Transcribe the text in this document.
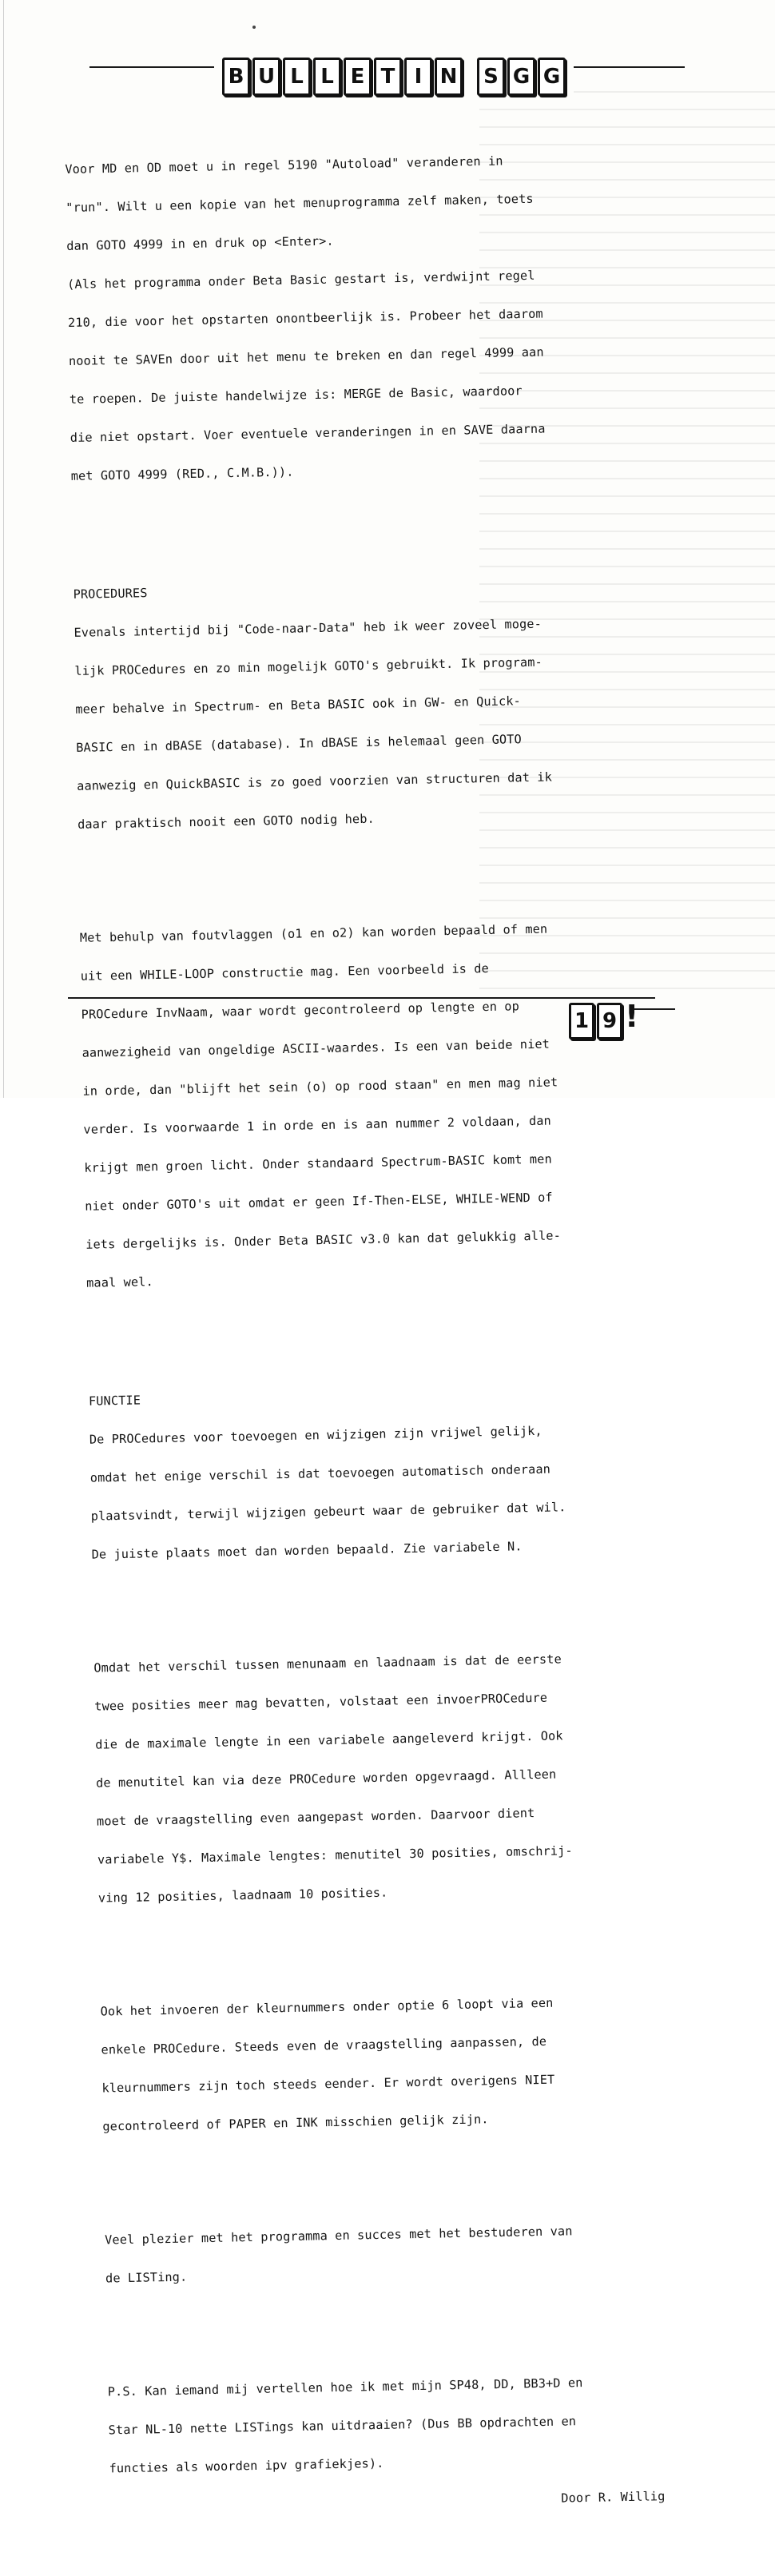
B U L L E T I N	S G G

Voor MD en OD moet u in regel 5190 "Autoload" veranderen in

"run". Wilt u een kopie van het menuprogramma zelf maken, toets

dan GOTO 4999 in en druk op <Enter>.

(Als het programma onder Beta Basic gestart is, verdwijnt regel

210, die voor het opstarten onontbeerlijk is. Probeer het daarom

nooit te SAVEn door uit het menu te breken en dan regel 4999 aan

te roepen. De juiste handelwijze is: MERGE de Basic, waardoor

die niet opstart. Voer eventuele veranderingen in en SAVE daarna

met GOTO 4999 (RED., C.M.B.)).

PROCEDURES

Evenals intertijd bij "Code-naar-Data" heb ik weer zoveel moge-

lijk PROCedures en zo min mogelijk GOTO's gebruikt. Ik program-

meer behalve in Spectrum- en Beta BASIC ook in GW- en Quick-

BASIC en in dBASE (database). In dBASE is helemaal geen GOTO

aanwezig en QuickBASIC is zo goed voorzien van structuren dat ik

daar praktisch nooit een GOTO nodig heb.

Met behulp van foutvlaggen (o1 en o2) kan worden bepaald of men

uit een WHILE-LOOP constructie mag. Een voorbeeld is de

PROCedure InvNaam, waar wordt gecontroleerd op lengte en op

aanwezigheid van ongeldige ASCII-waardes. Is een van beide niet

in orde, dan "blijft het sein (o) op rood staan" en men mag niet

verder. Is voorwaarde 1 in orde en is aan nummer 2 voldaan, dan

krijgt men groen licht. Onder standaard Spectrum-BASIC komt men

niet onder GOTO's uit omdat er geen If-Then-ELSE, WHILE-WEND of

iets dergelijks is. Onder Beta BASIC v3.0 kan dat gelukkig alle-

maal wel.

FUNCTIE

De PROCedures voor toevoegen en wijzigen zijn vrijwel gelijk,

omdat het enige verschil is dat toevoegen automatisch onderaan

plaatsvindt, terwijl wijzigen gebeurt waar de gebruiker dat wil.

De juiste plaats moet dan worden bepaald. Zie variabele N.

Omdat het verschil tussen menunaam en laadnaam is dat de eerste

twee posities meer mag bevatten, volstaat een invoerPROCedure

die de maximale lengte in een variabele aangeleverd krijgt. Ook

de menutitel kan via deze PROCedure worden opgevraagd. Allleen

moet de vraagstelling even aangepast worden. Daarvoor dient

variabele Y$. Maximale lengtes: menutitel 30 posities, omschrij-

ving 12 posities, laadnaam 10 posities.

Ook het invoeren der kleurnummers onder optie 6 loopt via een

enkele PROCedure. Steeds even de vraagstelling aanpassen, de

kleurnummers zijn toch steeds eender. Er wordt overigens NIET

gecontroleerd of PAPER en INK misschien gelijk zijn.

Veel plezier met het programma en succes met het bestuderen van

de LISTing.

P.S. Kan iemand mij vertellen hoe ik met mijn SP48, DD, BB3+D en

Star NL-10 nette LISTings kan uitdraaien? (Dus BB opdrachten en

functies als woorden ipv grafiekjes).

Door R. Willig

1 9 !
